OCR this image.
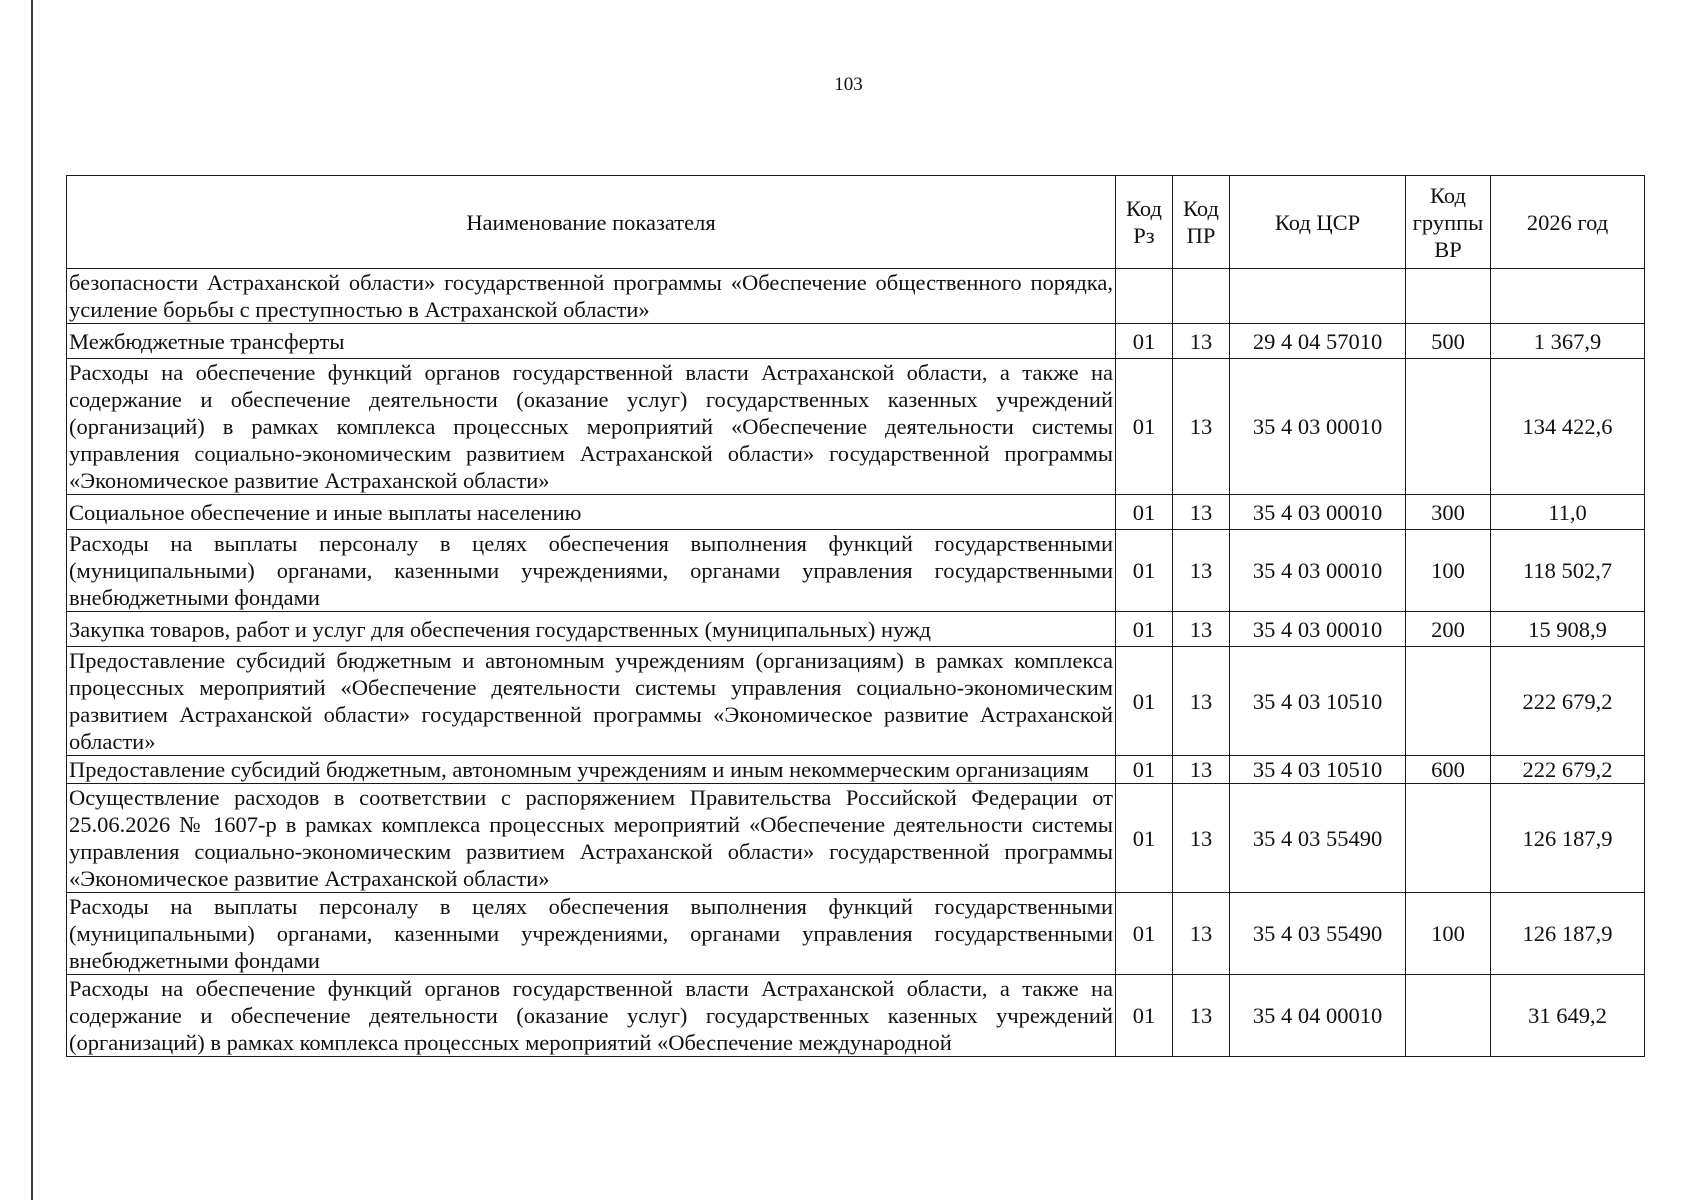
103
Наименование показателя	Код Рз	Код ПР	Код ЦСР	Код группы ВР	2026 год
безопасности Астраханской области» государственной программы «Обеспечение общественного порядка, усиление борьбы с преступностью в Астраханской области»					
Межбюджетные трансферты	01	13	29 4 04 57010	500	1 367,9
Расходы на обеспечение функций органов государственной власти Астраханской области, а также на содержание и обеспечение деятельности (оказание услуг) государственных казенных учреждений (организаций) в рамках комплекса процессных мероприятий «Обеспечение деятельности системы управления социально-экономическим развитием Астраханской области» государственной программы «Экономическое развитие Астраханской области»	01	13	35 4 03 00010		134 422,6
Социальное обеспечение и иные выплаты населению	01	13	35 4 03 00010	300	11,0
Расходы на выплаты персоналу в целях обеспечения выполнения функций государственными (муниципальными) органами, казенными учреждениями, органами управления государственными внебюджетными фондами	01	13	35 4 03 00010	100	118 502,7
Закупка товаров, работ и услуг для обеспечения государственных (муниципальных) нужд	01	13	35 4 03 00010	200	15 908,9
Предоставление субсидий бюджетным и автономным учреждениям (организациям) в рамках комплекса процессных мероприятий «Обеспечение деятельности системы управления социально-экономическим развитием Астраханской области» государственной программы «Экономическое развитие Астраханской области»	01	13	35 4 03 10510		222 679,2
Предоставление субсидий бюджетным, автономным учреждениям и иным некоммерческим организациям	01	13	35 4 03 10510	600	222 679,2
Осуществление расходов в соответствии с распоряжением Правительства Российской Федерации от 25.06.2026 № 1607-р в рамках комплекса процессных мероприятий «Обеспечение деятельности системы управления социально-экономическим развитием Астраханской области» государственной программы «Экономическое развитие Астраханской области»	01	13	35 4 03 55490		126 187,9
Расходы на выплаты персоналу в целях обеспечения выполнения функций государственными (муниципальными) органами, казенными учреждениями, органами управления государственными внебюджетными фондами	01	13	35 4 03 55490	100	126 187,9
Расходы на обеспечение функций органов государственной власти Астраханской области, а также на содержание и обеспечение деятельности (оказание услуг) государственных казенных учреждений (организаций) в рамках комплекса процессных мероприятий «Обеспечение международной	01	13	35 4 04 00010		31 649,2
